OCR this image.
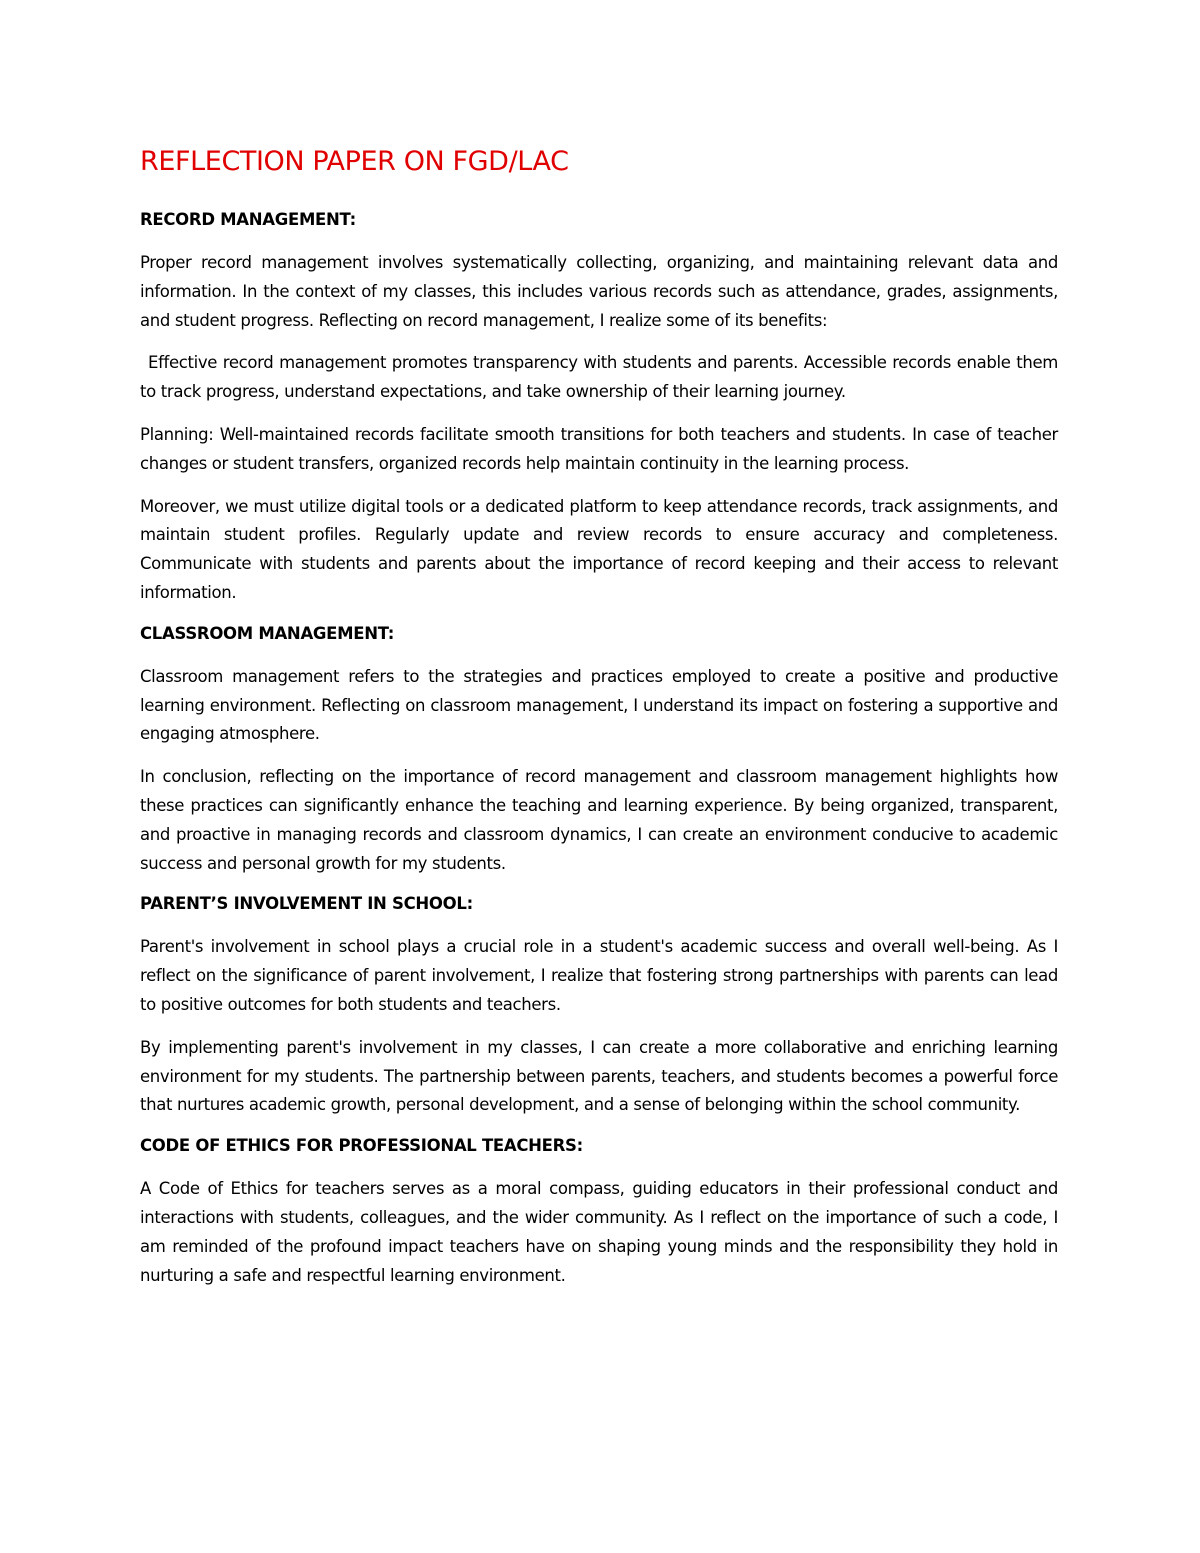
REFLECTION PAPER ON FGD/LAC
RECORD MANAGEMENT:

Proper record management involves systematically collecting, organizing, and maintaining relevant data and information. In the context of my classes, this includes various records such as attendance, grades, assignments, and student progress. Reflecting on record management, I realize some of its benefits:

Effective record management promotes transparency with students and parents. Accessible records enable them to track progress, understand expectations, and take ownership of their learning journey.

Planning: Well-maintained records facilitate smooth transitions for both teachers and students. In case of teacher changes or student transfers, organized records help maintain continuity in the learning process.

Moreover, we must utilize digital tools or a dedicated platform to keep attendance records, track assignments, and maintain student profiles. Regularly update and review records to ensure accuracy and completeness. Communicate with students and parents about the importance of record keeping and their access to relevant information.

CLASSROOM MANAGEMENT:

Classroom management refers to the strategies and practices employed to create a positive and productive learning environment. Reflecting on classroom management, I understand its impact on fostering a supportive and engaging atmosphere.

In conclusion, reflecting on the importance of record management and classroom management highlights how these practices can significantly enhance the teaching and learning experience. By being organized, transparent, and proactive in managing records and classroom dynamics, I can create an environment conducive to academic success and personal growth for my students.

PARENT’S INVOLVEMENT IN SCHOOL:

Parent's involvement in school plays a crucial role in a student's academic success and overall well-being. As I reflect on the significance of parent involvement, I realize that fostering strong partnerships with parents can lead to positive outcomes for both students and teachers.

By implementing parent's involvement in my classes, I can create a more collaborative and enriching learning environment for my students. The partnership between parents, teachers, and students becomes a powerful force that nurtures academic growth, personal development, and a sense of belonging within the school community.

CODE OF ETHICS FOR PROFESSIONAL TEACHERS:

A Code of Ethics for teachers serves as a moral compass, guiding educators in their professional conduct and interactions with students, colleagues, and the wider community. As I reflect on the importance of such a code, I am reminded of the profound impact teachers have on shaping young minds and the responsibility they hold in nurturing a safe and respectful learning environment.
